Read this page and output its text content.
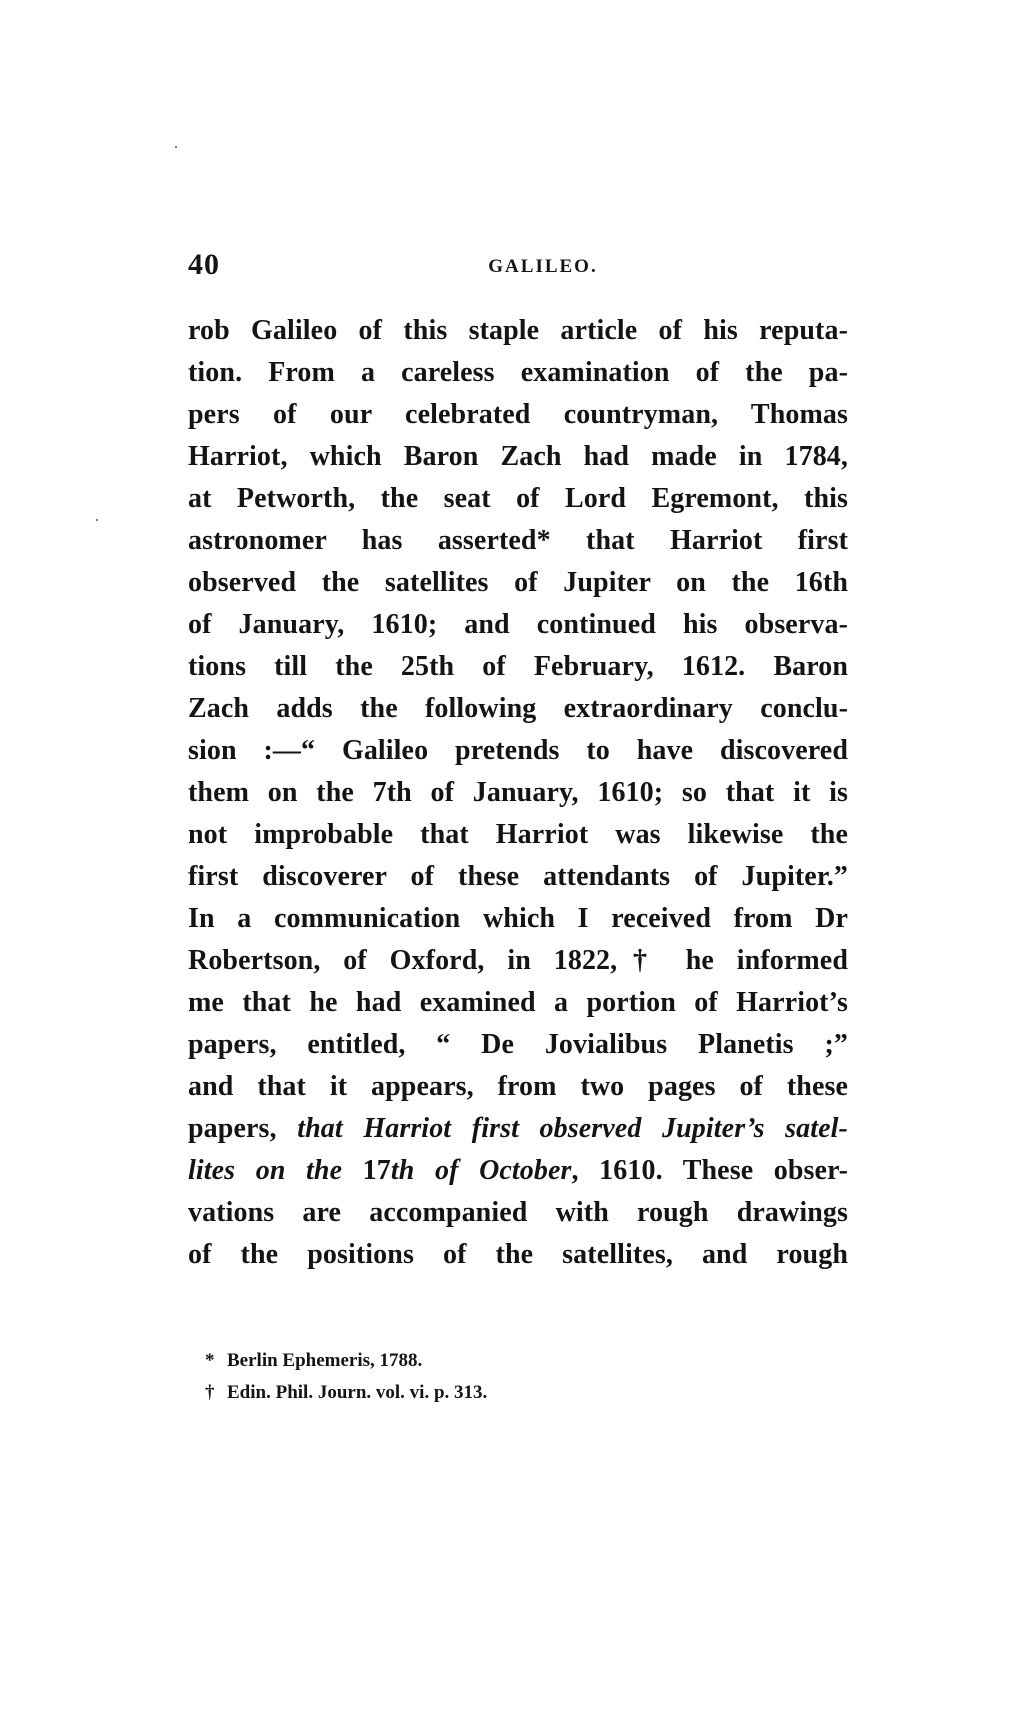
40	GALILEO.
rob Galileo of this staple article of his reputa-
tion. From a careless examination of the pa-
pers of our celebrated countryman, Thomas
Harriot, which Baron Zach had made in 1784,
at Petworth, the seat of Lord Egremont, this
astronomer has asserted* that Harriot first
observed the satellites of Jupiter on the 16th
of January, 1610; and continued his observa-
tions till the 25th of February, 1612. Baron
Zach adds the following extraordinary conclu-
sion :—“ Galileo pretends to have discovered
them on the 7th of January, 1610; so that it is
not improbable that Harriot was likewise the
first discoverer of these attendants of Jupiter.”
In a communication which I received from Dr
Robertson, of Oxford, in 1822,† he informed
me that he had examined a portion of Harriot’s
papers, entitled, “ De Jovialibus Planetis ;”
and that it appears, from two pages of these
papers, that Harriot first observed Jupiter’s satel-
lites on the 17th of October, 1610. These obser-
vations are accompanied with rough drawings
of the positions of the satellites, and rough
* Berlin Ephemeris, 1788.
† Edin. Phil. Journ. vol. vi. p. 313.
